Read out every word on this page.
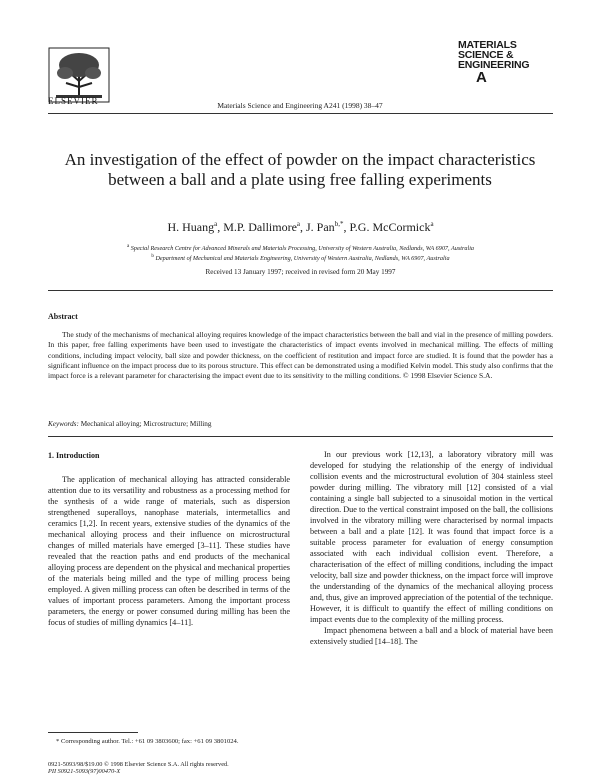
ELSEVIER	Materials Science and Engineering A241 (1998) 38–47
MATERIALS
SCIENCE &
ENGINEERING
A
An investigation of the effect of powder on the impact characteristics between a ball and a plate using free falling experiments
H. Huang$^a$, M.P. Dallimore$^a$, J. Pan$^{b,*}$, P.G. McCormick$^a$
$^a$ Special Research Centre for Advanced Minerals and Materials Processing, University of Western Australia, Nedlands, WA 6907, Australia
$^b$ Department of Mechanical and Materials Engineering, University of Western Australia, Nedlands, WA 6907, Australia
Received 13 January 1997; received in revised form 20 May 1997
Abstract
The study of the mechanisms of mechanical alloying requires knowledge of the impact characteristics between the ball and vial in the presence of milling powders. In this paper, free falling experiments have been used to investigate the characteristics of impact events involved in mechanical milling. The effects of milling conditions, including impact velocity, ball size and powder thickness, on the coefficient of restitution and impact force are studied. It is found that the powder has a significant influence on the impact process due to its porous structure. This effect can be demonstrated using a modified Kelvin model. This study also confirms that the impact force is a relevant parameter for characterising the impact event due to its sensitivity to the milling conditions. © 1998 Elsevier Science S.A.
Keywords: Mechanical alloying; Microstructure; Milling
1. Introduction
The application of mechanical alloying has attracted considerable attention due to its versatility and robustness as a processing method for the synthesis of a wide range of materials, such as dispersion strengthened superalloys, nanophase materials, intermetallics and ceramics [1,2]. In recent years, extensive studies of the dynamics of the mechanical alloying process and their influence on microstructural changes of milled materials have emerged [3–11]. These studies have revealed that the reaction paths and end products of the mechanical alloying process are dependent on the physical and mechanical properties of the materials being milled and the type of milling process being employed. A given milling process can often be described in terms of the values of important process parameters. Among the important process parameters, the energy or power consumed during milling has been the focus of studies of milling dynamics [4–11].

In our previous work [12,13], a laboratory vibratory mill was developed for studying the relationship of the energy of individual collision events and the microstructural evolution of 304 stainless steel powder during milling. The vibratory mill [12] consisted of a vial containing a single ball subjected to a sinusoidal motion in the vertical direction. Due to the vertical constraint imposed on the ball, the collisions involved in the vibratory milling were characterised by normal impacts between a ball and a plate [12]. It was found that impact force is a suitable process parameter for evaluation of energy consumption associated with each individual collision event. Therefore, a characterisation of the effect of milling conditions, including the impact velocity, ball size and powder thickness, on the impact force will improve the understanding of the dynamics of the mechanical alloying process and, thus, give an improved appreciation of the potential of the technique. However, it is difficult to quantify the effect of milling conditions on impact events due to the complexity of the milling process.

Impact phenomena between a ball and a block of material have been extensively studied [14–18]. The

* Corresponding author. Tel.: +61 09 3803600; fax: +61 09 3801024.
0921-5093/98/$19.00 © 1998 Elsevier Science S.A. All rights reserved.
PII S0921-5093(97)00470-X
